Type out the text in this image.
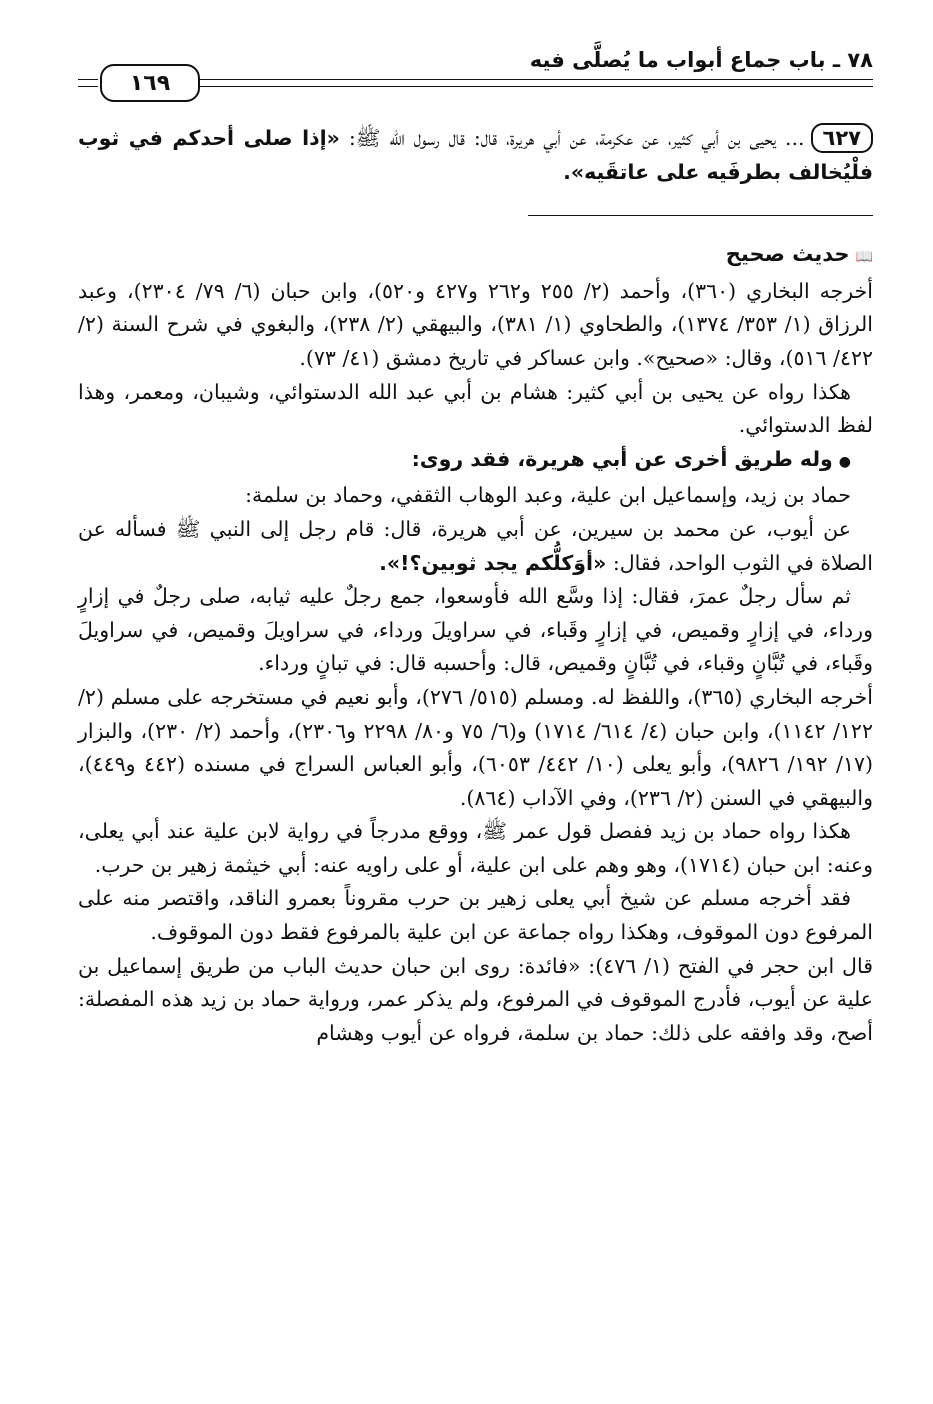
٧٨ ـ باب جماع أبواب ما يُصلَّى فيه
١٦٩

٦٢٧... يحيى بن أبي كثير، عن عكرمة، عن أبي هريرة، قال: قال رسول الله ﷺ: «إذا صلى أحدكم في ثوب فلْيُخالف بطرفَيه على عاتقَيه».

📖حديث صحيح

أخرجه البخاري (٣٦٠)، وأحمد (٢/ ٢٥٥ و٢٦٢ و٤٢٧ و٥٢٠)، وابن حبان (٦/ ٧٩/ ٢٣٠٤)، وعبد الرزاق (١/ ٣٥٣/ ١٣٧٤)، والطحاوي (١/ ٣٨١)، والبيهقي (٢/ ٢٣٨)، والبغوي في شرح السنة (٢/ ٤٢٢/ ٥١٦)، وقال: «صحيح». وابن عساكر في تاريخ دمشق (٤١/ ٧٣).

هكذا رواه عن يحيى بن أبي كثير: هشام بن أبي عبد الله الدستوائي، وشيبان، ومعمر، وهذا لفظ الدستوائي.

●وله طريق أخرى عن أبي هريرة، فقد روى:

حماد بن زيد، وإسماعيل ابن علية، وعبد الوهاب الثقفي، وحماد بن سلمة:

عن أيوب، عن محمد بن سيرين، عن أبي هريرة، قال: قام رجل إلى النبي ﷺ فسأله عن الصلاة في الثوب الواحد، فقال: «أوَكلُّكم يجد ثوبين؟!».

ثم سأل رجلٌ عمرَ، فقال: إذا وسَّع الله فأوسعوا، جمع رجلٌ عليه ثيابه، صلى رجلٌ في إزارٍ ورداء، في إزارٍ وقميص، في إزارٍ وقَباء، في سراويلَ ورداء، في سراويلَ وقميص، في سراويلَ وقَباء، في تُبَّانٍ وقباء، في تُبَّانٍ وقميص، قال: وأحسبه قال: في تبانٍ ورداء.

أخرجه البخاري (٣٦٥)، واللفظ له. ومسلم (٥١٥/ ٢٧٦)، وأبو نعيم في مستخرجه على مسلم (٢/ ١٢٢/ ١١٤٢)، وابن حبان (٤/ ٦١٤/ ١٧١٤) و(٦/ ٧٥ و٨٠/ ٢٢٩٨ و٢٣٠٦)، وأحمد (٢/ ٢٣٠)، والبزار (١٧/ ١٩٢/ ٩٨٢٦)، وأبو يعلى (١٠/ ٤٤٢/ ٦٠٥٣)، وأبو العباس السراج في مسنده (٤٤٢ و٤٤٩)، والبيهقي في السنن (٢/ ٢٣٦)، وفي الآداب (٨٦٤).

هكذا رواه حماد بن زيد ففصل قول عمر ﷺ، ووقع مدرجاً في رواية لابن علية عند أبي يعلى، وعنه: ابن حبان (١٧١٤)، وهو وهم على ابن علية، أو على راويه عنه: أبي خيثمة زهير بن حرب.

فقد أخرجه مسلم عن شيخ أبي يعلى زهير بن حرب مقروناً بعمرو الناقد، واقتصر منه على المرفوع دون الموقوف، وهكذا رواه جماعة عن ابن علية بالمرفوع فقط دون الموقوف.

قال ابن حجر في الفتح (١/ ٤٧٦): «فائدة: روى ابن حبان حديث الباب من طريق إسماعيل بن علية عن أيوب، فأدرج الموقوف في المرفوع، ولم يذكر عمر، ورواية حماد بن زيد هذه المفصلة: أصح، وقد وافقه على ذلك: حماد بن سلمة، فرواه عن أيوب وهشام
